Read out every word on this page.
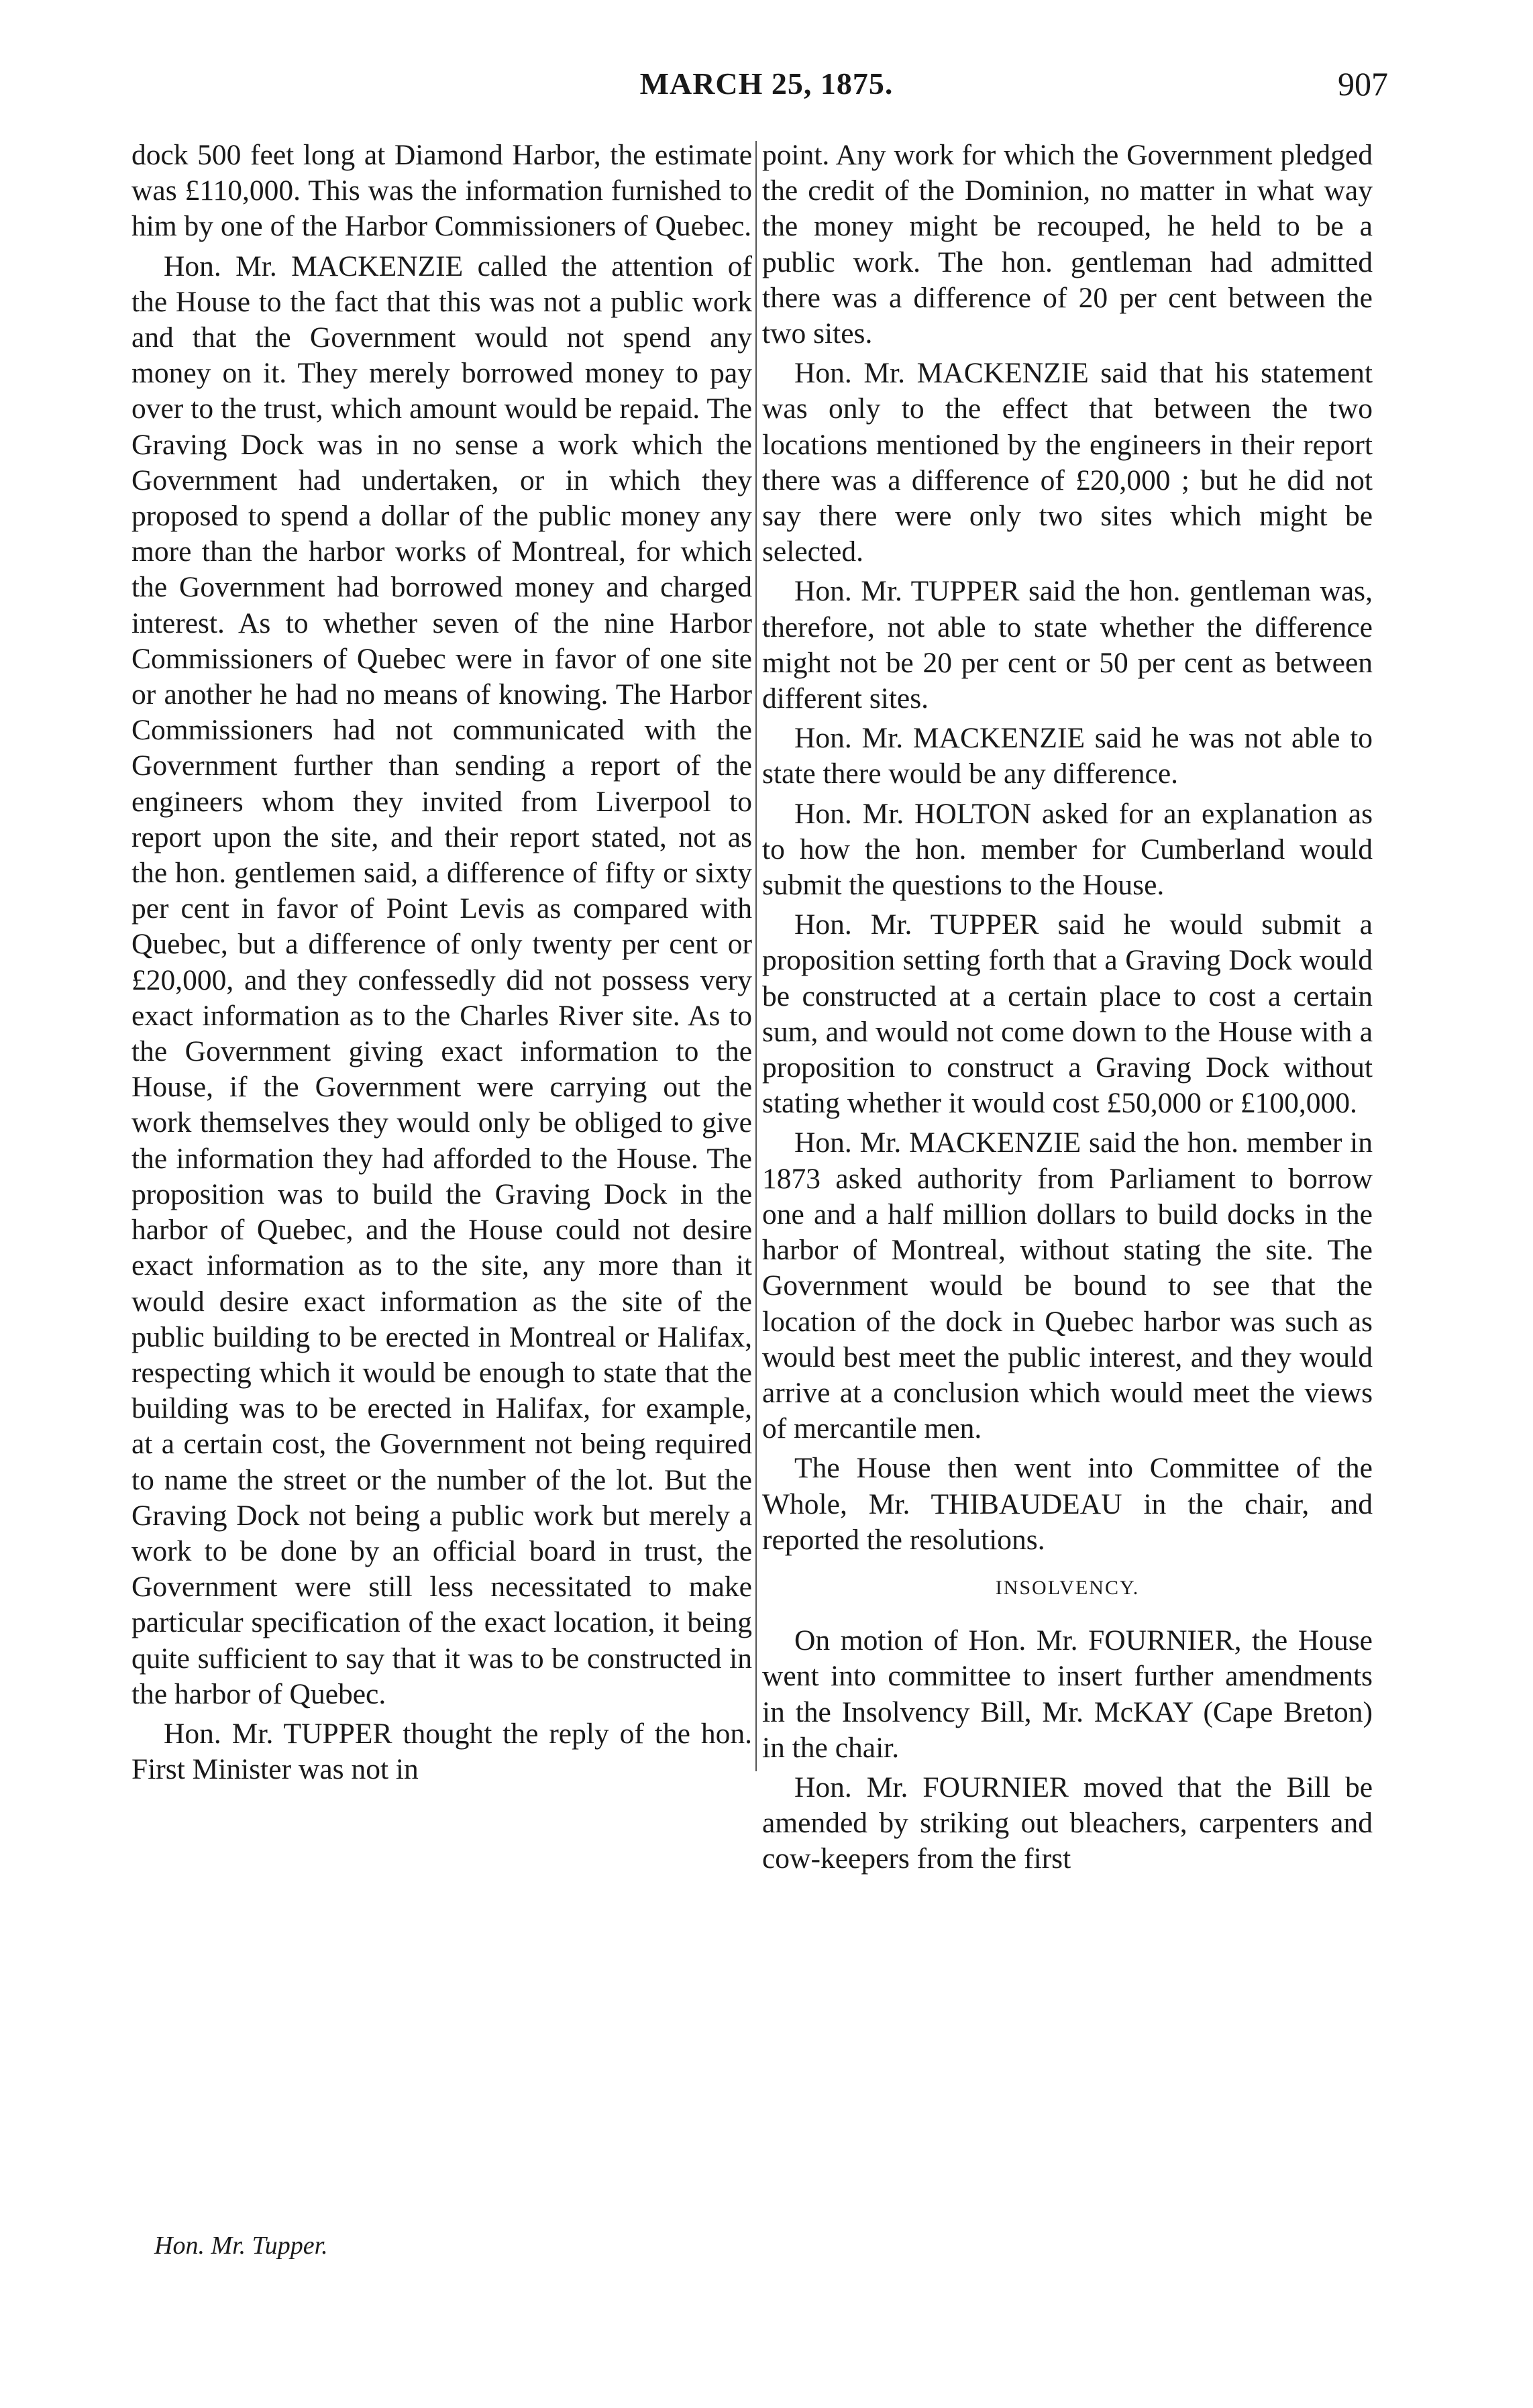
MARCH 25, 1875.	907

dock 500 feet long at Diamond Harbor, the estimate was £110,000. This was the information furnished to him by one of the Harbor Commissioners of Quebec.

Hon. Mr. MACKENZIE called the attention of the House to the fact that this was not a public work and that the Government would not spend any money on it. They merely borrowed money to pay over to the trust, which amount would be repaid. The Graving Dock was in no sense a work which the Government had undertaken, or in which they proposed to spend a dollar of the public money any more than the harbor works of Montreal, for which the Government had borrowed money and charged interest. As to whether seven of the nine Harbor Commissioners of Quebec were in favor of one site or another he had no means of knowing. The Harbor Commissioners had not communicated with the Government further than sending a report of the engineers whom they invited from Liverpool to report upon the site, and their report stated, not as the hon. gentlemen said, a difference of fifty or sixty per cent in favor of Point Levis as compared with Quebec, but a difference of only twenty per cent or £20,000, and they confessedly did not possess very exact information as to the Charles River site. As to the Government giving exact information to the House, if the Government were carrying out the work themselves they would only be obliged to give the information they had afforded to the House. The proposition was to build the Graving Dock in the harbor of Quebec, and the House could not desire exact information as to the site, any more than it would desire exact information as the site of the public building to be erected in Montreal or Halifax, respecting which it would be enough to state that the building was to be erected in Halifax, for example, at a certain cost, the Government not being required to name the street or the number of the lot. But the Graving Dock not being a public work but merely a work to be done by an official board in trust, the Government were still less necessitated to make particular specification of the exact location, it being quite sufficient to say that it was to be constructed in the harbor of Quebec.

Hon. Mr. TUPPER thought the reply of the hon. First Minister was not in

point. Any work for which the Government pledged the credit of the Dominion, no matter in what way the money might be recouped, he held to be a public work. The hon. gentleman had admitted there was a difference of 20 per cent between the two sites.

Hon. Mr. MACKENZIE said that his statement was only to the effect that between the two locations mentioned by the engineers in their report there was a difference of £20,000 ; but he did not say there were only two sites which might be selected.

Hon. Mr. TUPPER said the hon. gentleman was, therefore, not able to state whether the difference might not be 20 per cent or 50 per cent as between different sites.

Hon. Mr. MACKENZIE said he was not able to state there would be any difference.

Hon. Mr. HOLTON asked for an explanation as to how the hon. member for Cumberland would submit the questions to the House.

Hon. Mr. TUPPER said he would submit a proposition setting forth that a Graving Dock would be constructed at a certain place to cost a certain sum, and would not come down to the House with a proposition to construct a Graving Dock without stating whether it would cost £50,000 or £100,000.

Hon. Mr. MACKENZIE said the hon. member in 1873 asked authority from Parliament to borrow one and a half million dollars to build docks in the harbor of Montreal, without stating the site. The Government would be bound to see that the location of the dock in Quebec harbor was such as would best meet the public interest, and they would arrive at a conclusion which would meet the views of mercantile men.

The House then went into Committee of the Whole, Mr. THIBAUDEAU in the chair, and reported the resolutions.

INSOLVENCY.

On motion of Hon. Mr. FOURNIER, the House went into committee to insert further amendments in the Insolvency Bill, Mr. McKAY (Cape Breton) in the chair.

Hon. Mr. FOURNIER moved that the Bill be amended by striking out bleachers, carpenters and cow-keepers from the first

Hon. Mr. Tupper.
